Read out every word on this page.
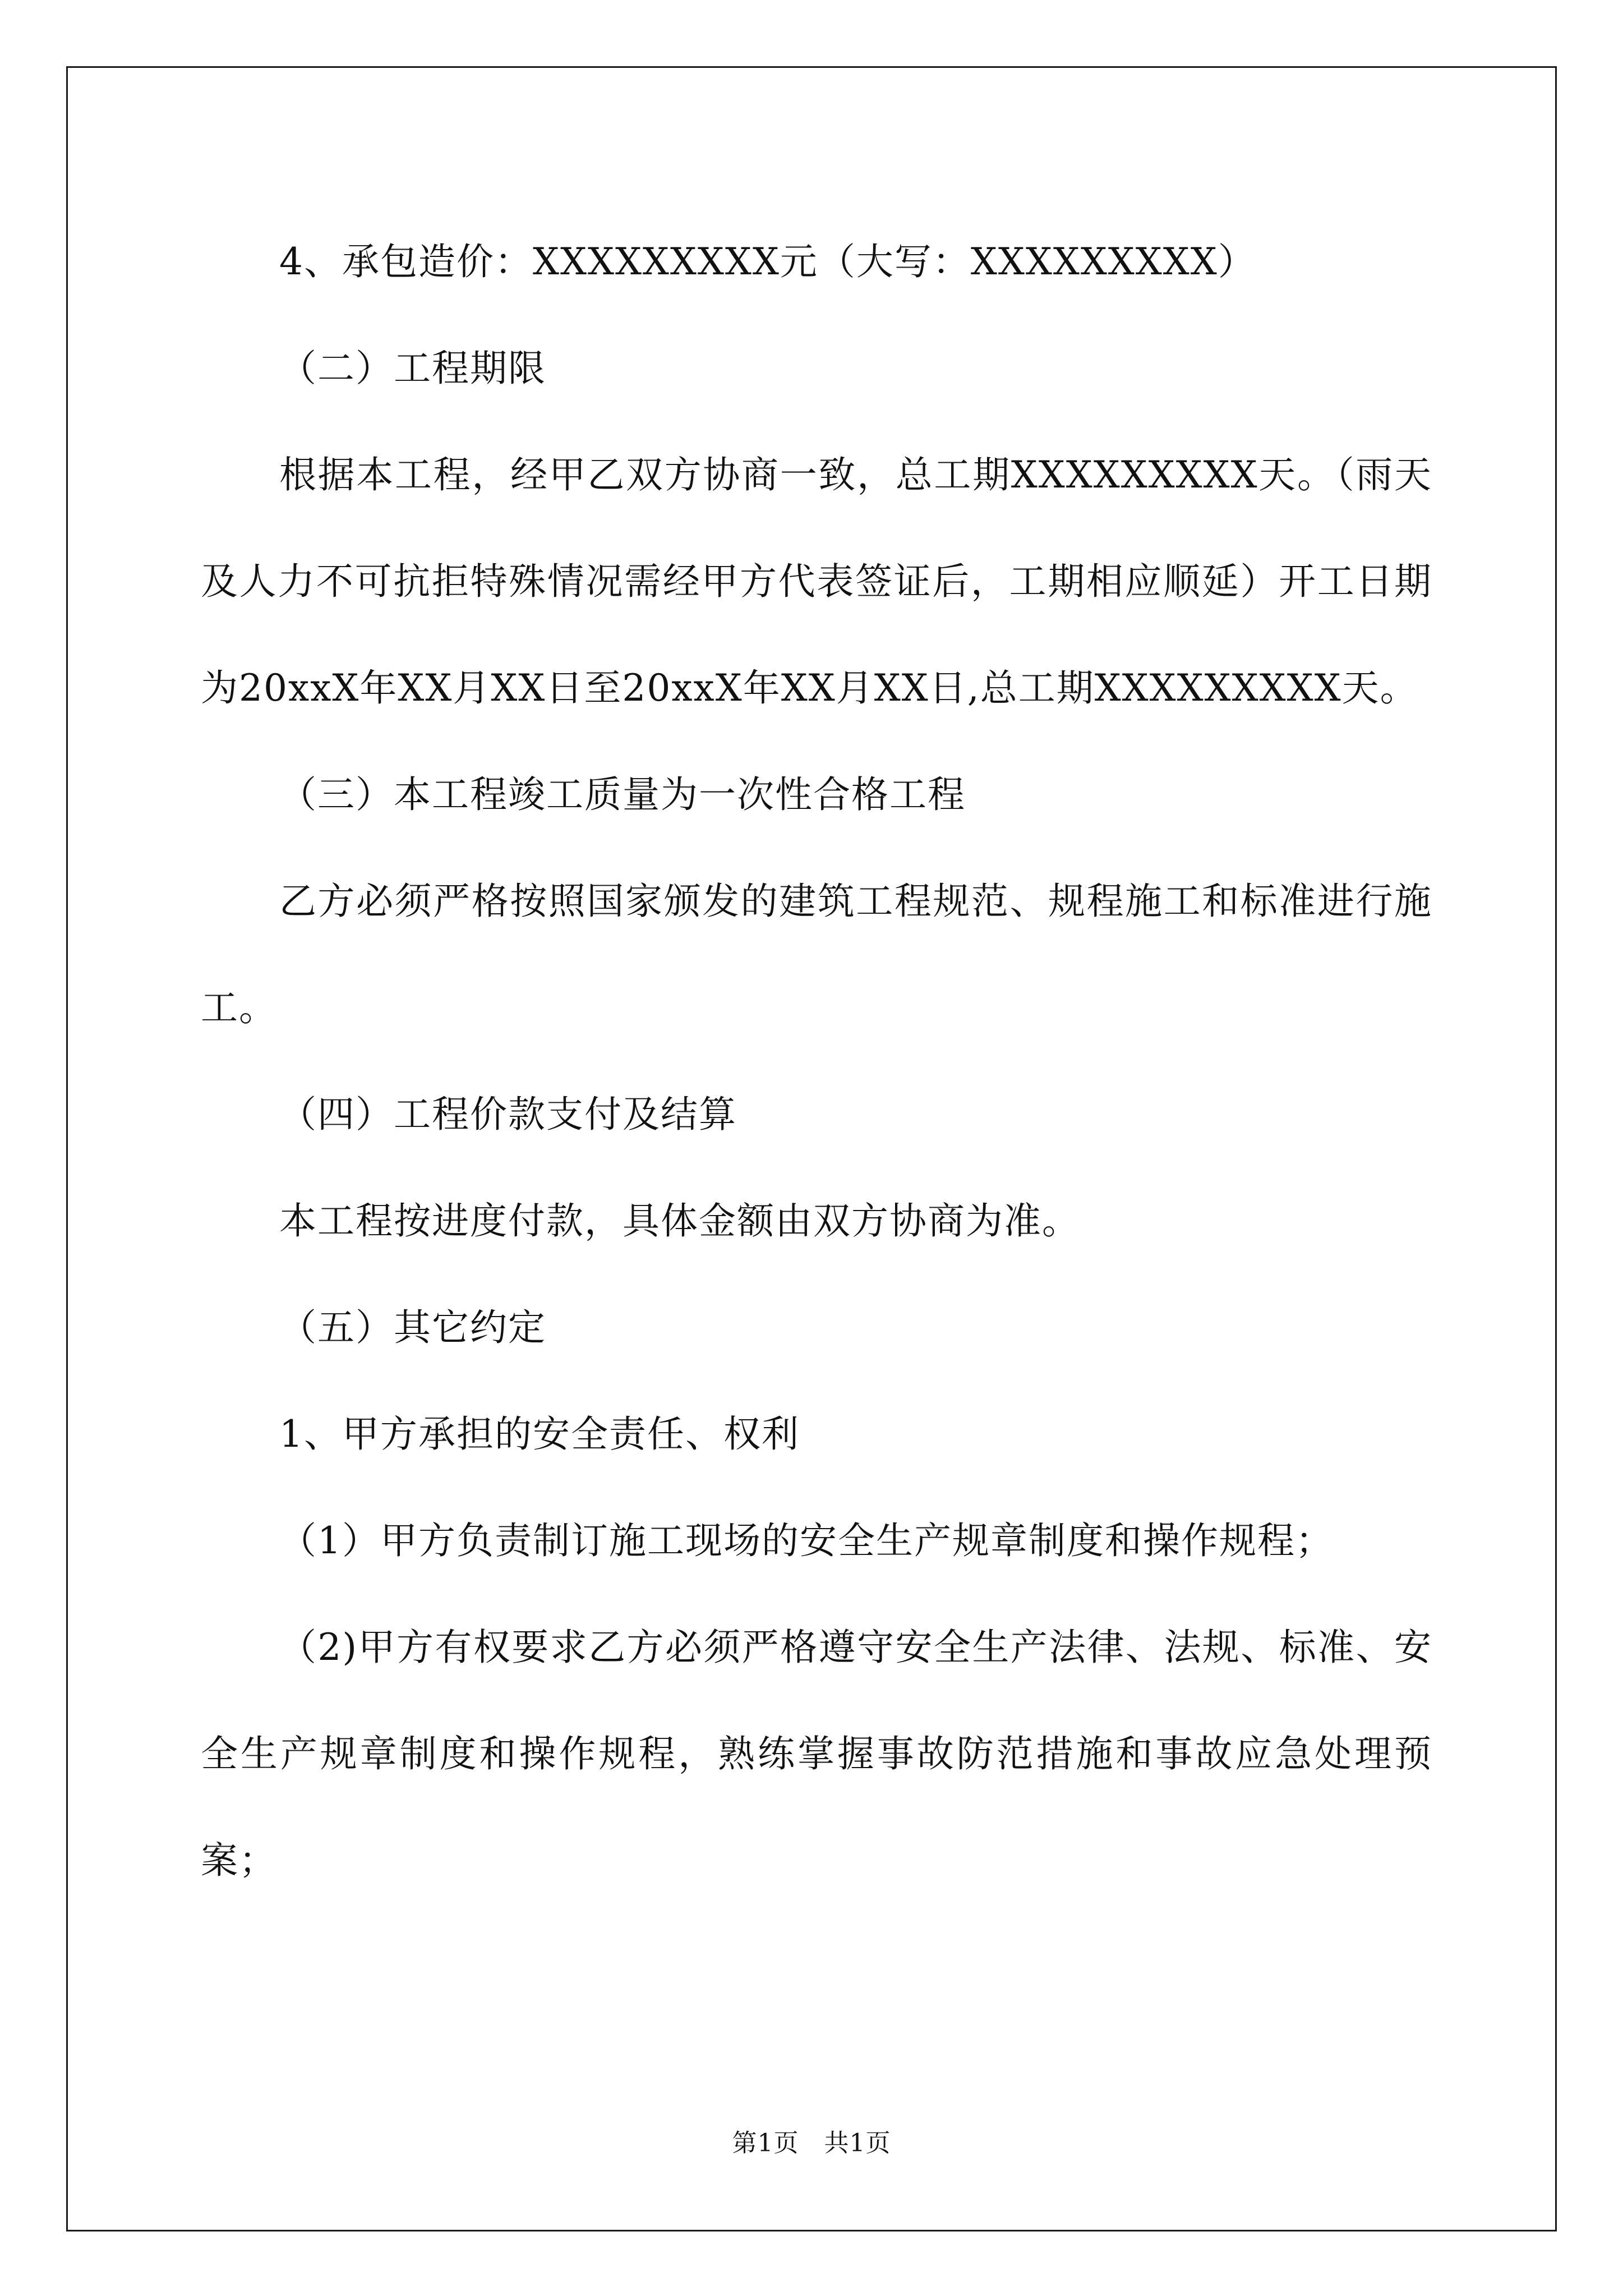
4、承包造价：XXXXXXXXX元（大写：XXXXXXXXX）

（二）工程期限

根据本工程，经甲乙双方协商一致，总工期XXXXXXXXX天。（雨天及人力不可抗拒特殊情况需经甲方代表签证后，工期相应顺延）开工日期为20xxX年XX月XX日至20xxX年XX月XX日,总工期XXXXXXXXX天。

（三）本工程竣工质量为一次性合格工程

乙方必须严格按照国家颁发的建筑工程规范、规程施工和标准进行施工。

（四）工程价款支付及结算

本工程按进度付款，具体金额由双方协商为准。

（五）其它约定

1、甲方承担的安全责任、权利

（1）甲方负责制订施工现场的安全生产规章制度和操作规程；

（2)甲方有权要求乙方必须严格遵守安全生产法律、法规、标准、安全生产规章制度和操作规程，熟练掌握事故防范措施和事故应急处理预案；

第1页　共1页
